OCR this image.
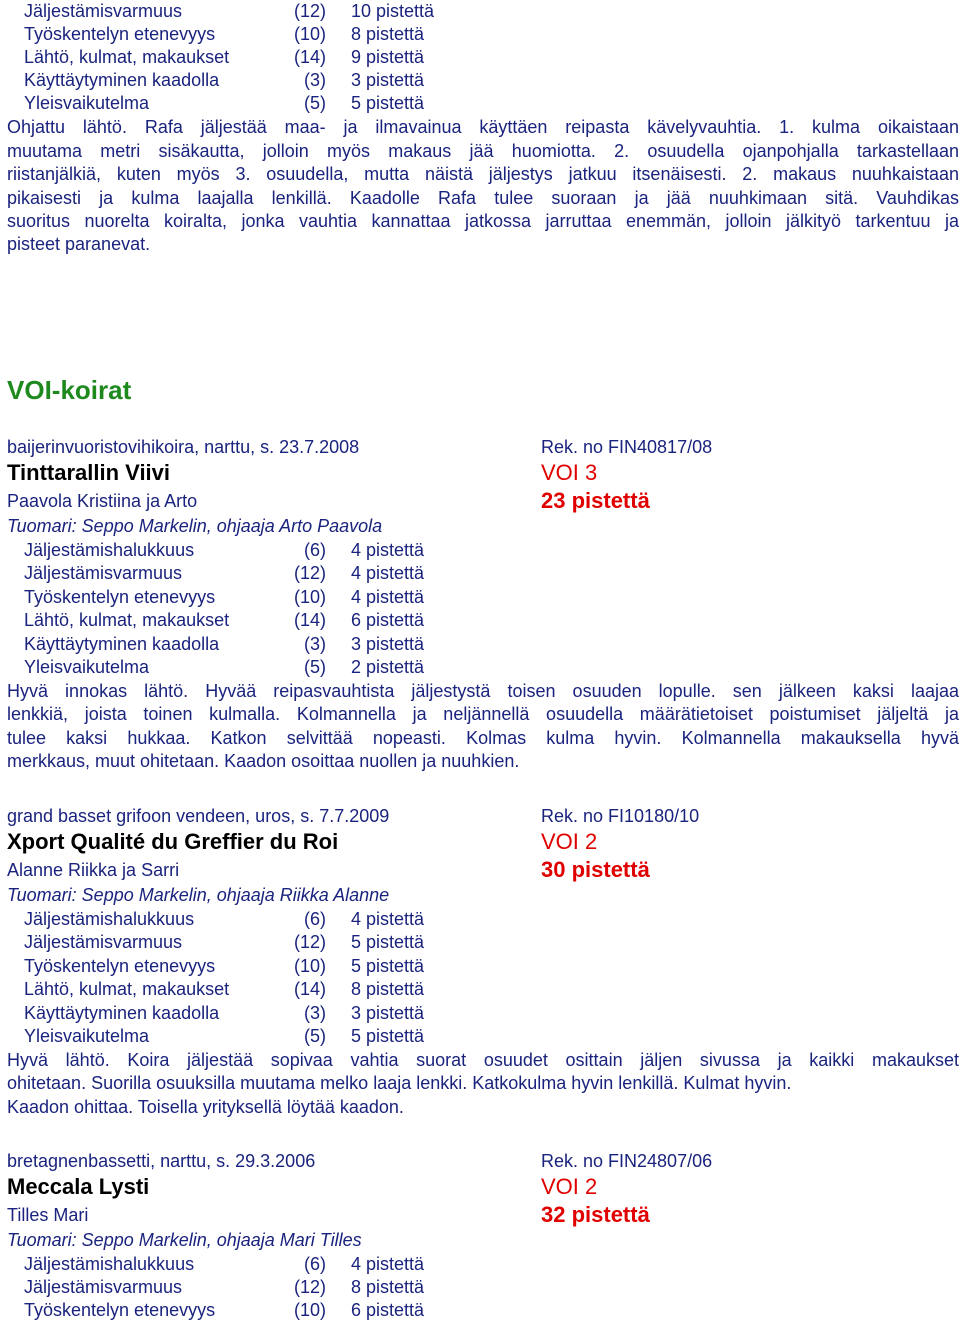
Jäljestämisvarmuus	(12) 10 pistettä
Työskentelyn etenevyys	(10) 8 pistettä
Lähtö, kulmat, makaukset	(14) 9 pistettä
Käyttäytyminen kaadolla	(3) 3 pistettä
Yleisvaikutelma	(5) 5 pistettä
Ohjattu lähtö. Rafa jäljestää maa- ja ilmavainua käyttäen reipasta kävelyvauhtia. 1. kulma oikaistaan
muutama metri sisäkautta, jolloin myös makaus jää huomiotta. 2. osuudella ojanpohjalla tarkastellaan
riistanjälkiä, kuten myös 3. osuudella, mutta näistä jäljestys jatkuu itsenäisesti. 2. makaus nuuhkaistaan
pikaisesti ja kulma laajalla lenkillä. Kaadolle Rafa tulee suoraan ja jää nuuhkimaan sitä. Vauhdikas
suoritus nuorelta koiralta, jonka vauhtia kannattaa jatkossa jarruttaa enemmän, jolloin jälkityö tarkentuu ja
pisteet paranevat.
VOI-koirat
baijerinvuoristovihikoira, narttu, s. 23.7.2008	Rek. no FIN40817/08
Tinttarallin Viivi	VOI 3
Paavola Kristiina ja Arto	23 pistettä
Tuomari: Seppo Markelin, ohjaaja Arto Paavola
Jäljestämishalukkuus	(6) 4 pistettä
Jäljestämisvarmuus	(12) 4 pistettä
Työskentelyn etenevyys	(10) 4 pistettä
Lähtö, kulmat, makaukset	(14) 6 pistettä
Käyttäytyminen kaadolla	(3) 3 pistettä
Yleisvaikutelma	(5) 2 pistettä
Hyvä innokas lähtö. Hyvää reipasvauhtista jäljestystä toisen osuuden lopulle. sen jälkeen kaksi laajaa
lenkkiä, joista toinen kulmalla. Kolmannella ja neljännellä osuudella määrätietoiset poistumiset jäljeltä ja
tulee kaksi hukkaa. Katkon selvittää nopeasti. Kolmas kulma hyvin. Kolmannella makauksella hyvä
merkkaus, muut ohitetaan. Kaadon osoittaa nuollen ja nuuhkien.
grand basset grifoon vendeen, uros, s. 7.7.2009	Rek. no FI10180/10
Xport Qualité du Greffier du Roi	VOI 2
Alanne Riikka ja Sarri	30 pistettä
Tuomari: Seppo Markelin, ohjaaja Riikka Alanne
Jäljestämishalukkuus	(6) 4 pistettä
Jäljestämisvarmuus	(12) 5 pistettä
Työskentelyn etenevyys	(10) 5 pistettä
Lähtö, kulmat, makaukset	(14) 8 pistettä
Käyttäytyminen kaadolla	(3) 3 pistettä
Yleisvaikutelma	(5) 5 pistettä
Hyvä lähtö. Koira jäljestää sopivaa vahtia suorat osuudet osittain jäljen sivussa ja kaikki makaukset
ohitetaan. Suorilla osuuksilla muutama melko laaja lenkki. Katkokulma hyvin lenkillä. Kulmat hyvin.
Kaadon ohittaa. Toisella yrityksellä löytää kaadon.
bretagnenbassetti, narttu, s. 29.3.2006	Rek. no FIN24807/06
Meccala Lysti	VOI 2
Tilles Mari	32 pistettä
Tuomari: Seppo Markelin, ohjaaja Mari Tilles
Jäljestämishalukkuus	(6) 4 pistettä
Jäljestämisvarmuus	(12) 8 pistettä
Työskentelyn etenevyys	(10) 6 pistettä
